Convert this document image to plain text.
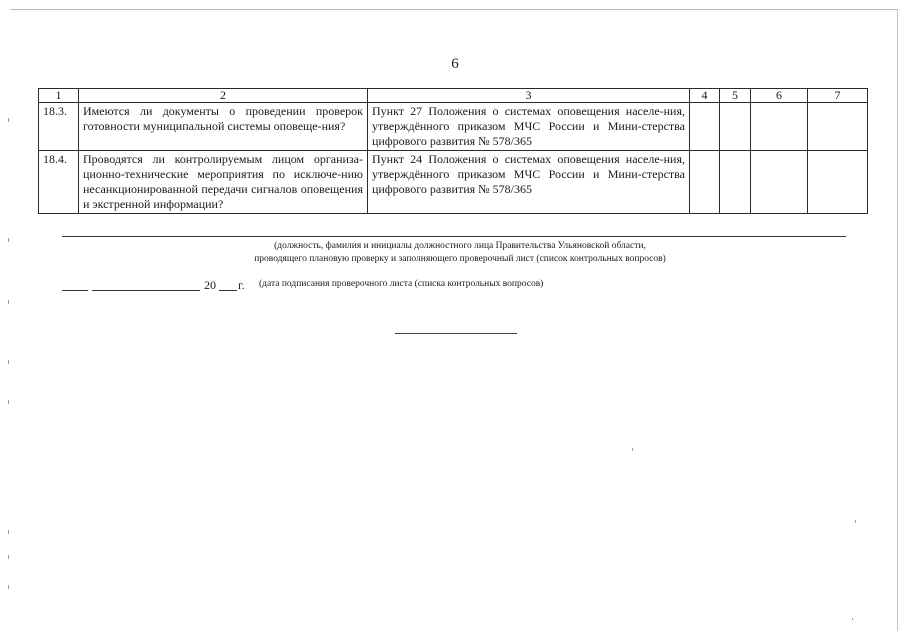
6
1	2	3	4	5	6	7
18.3.	Имеются ли документы о проведении проверок готовности муниципальной системы оповеще-ния?	Пункт 27 Положения о системах оповещения населе-ния, утверждённого приказом МЧС России и Мини-стерства цифрового развития № 578/365				
18.4.	Проводятся ли контролируемым лицом организа-ционно-технические мероприятия по исключе-нию несанкционированной передачи сигналов оповещения и экстренной информации?	Пункт 24 Положения о системах оповещения населе-ния, утверждённого приказом МЧС России и Мини-стерства цифрового развития № 578/365				
(должность, фамилия и инициалы должностного лица Правительства Ульяновской области,
проводящего плановую проверку и заполняющего проверочный лист (список контрольных вопросов)
20 г. (дата подписания проверочного листа (списка контрольных вопросов)
